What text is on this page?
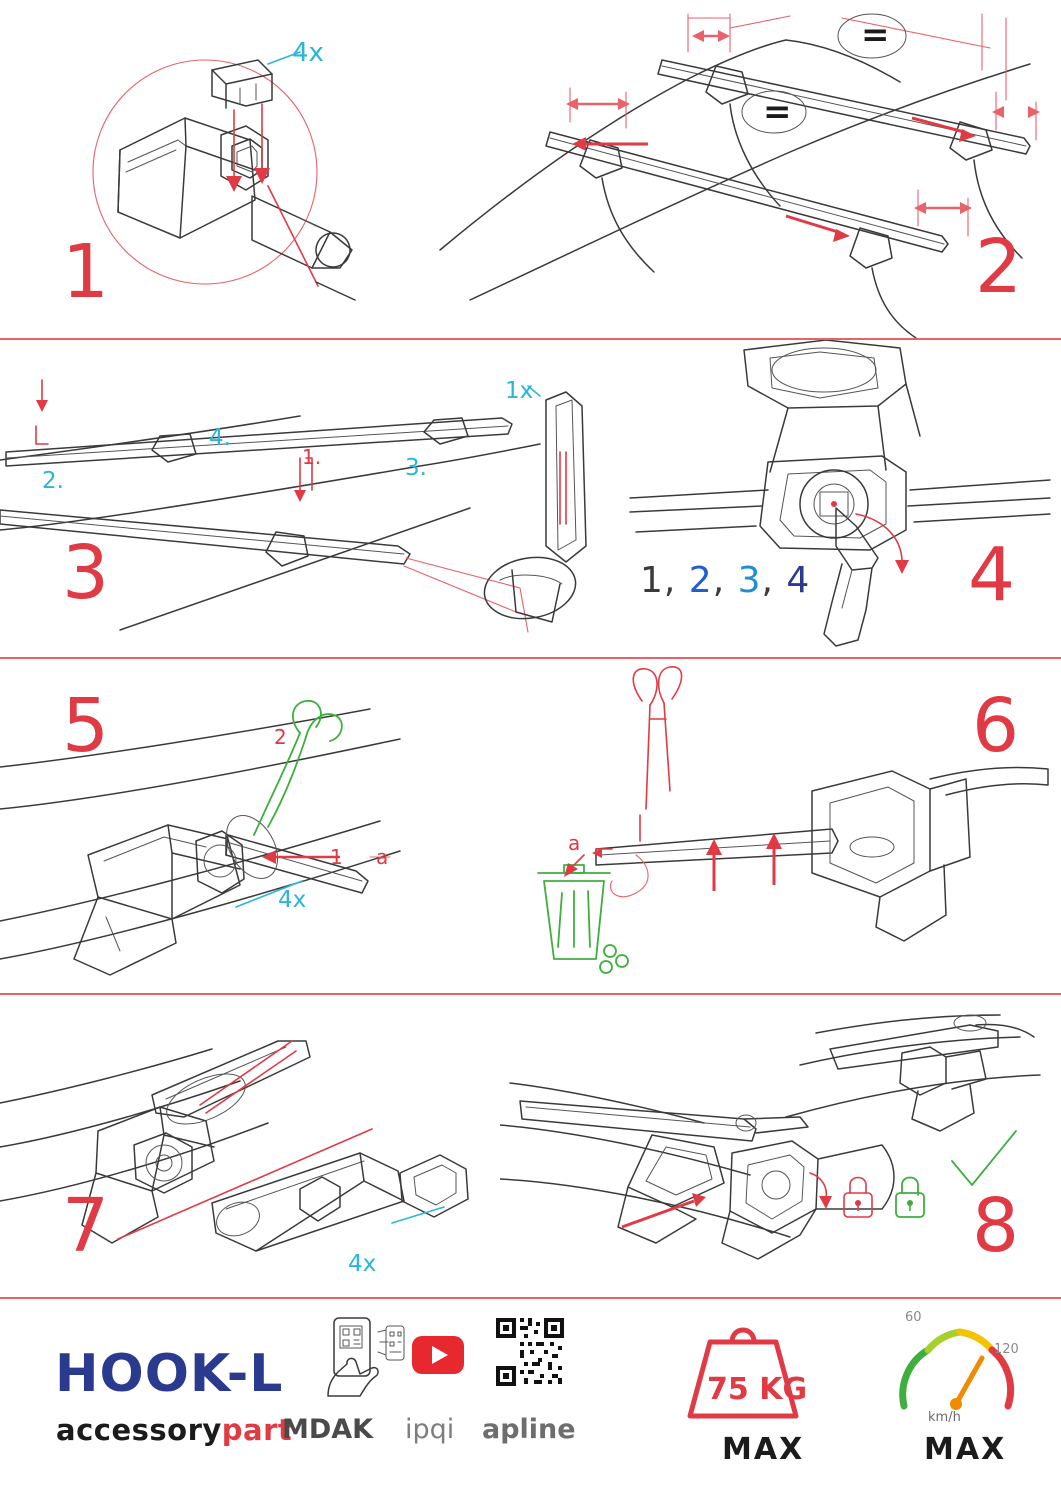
4x
1
=
=
2
4.
2.	3.
1.
1x
3	1, 2, 3, 4 4
2
1 a
4x
5
a
6
4x
7	8
HOOK-L
accessorypart
MDAK ipqi apline
75 KG
MAX
60
120
km/h
MAX
